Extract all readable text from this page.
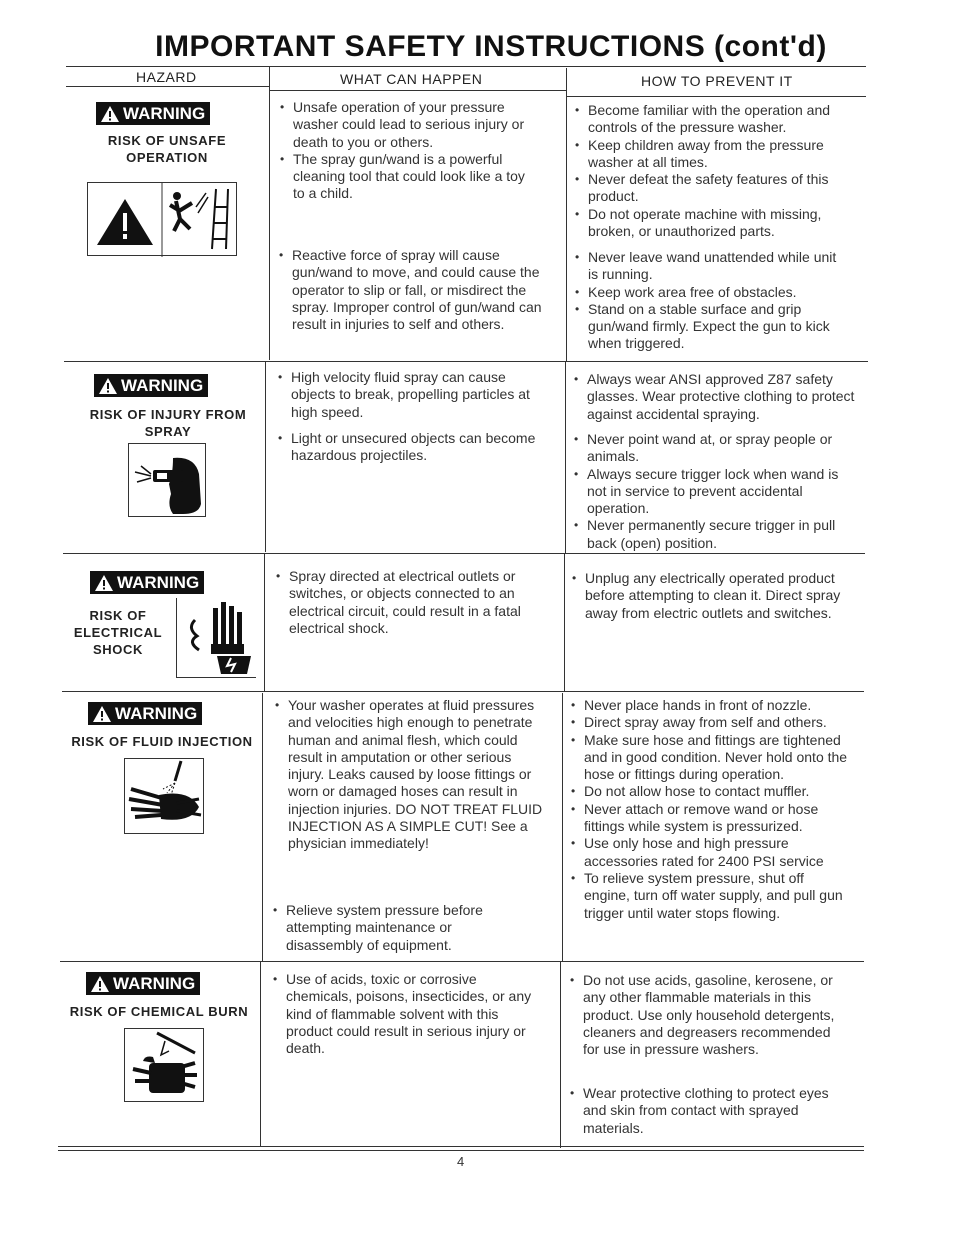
IMPORTANT SAFETY INSTRUCTIONS (cont'd)
HAZARD	WHAT CAN HAPPEN	HOW TO PREVENT IT
WARNING
RISK OF UNSAFE
OPERATION
• Unsafe operation of your pressure washer could lead to serious injury or death to you or others.
• The spray gun/wand is a powerful cleaning tool that could look like a toy to a child.
• Reactive force of spray will cause gun/wand to move, and could cause the operator to slip or fall, or misdirect the spray. Improper control of gun/wand can result in injuries to self and others.
• Become familiar with the operation and controls of the pressure washer.
• Keep children away from the pressure washer at all times.
• Never defeat the safety features of this product.
• Do not operate machine with missing, broken, or unauthorized parts.
• Never leave wand unattended while unit is running.
• Keep work area free of obstacles.
• Stand on a stable surface and grip gun/wand firmly. Expect the gun to kick when triggered.
WARNING
RISK OF INJURY FROM
SPRAY
• High velocity fluid spray can cause objects to break, propelling particles at high speed.
• Light or unsecured objects can become hazardous projectiles.
• Always wear ANSI approved Z87 safety glasses. Wear protective clothing to protect against accidental spraying.
• Never point wand at, or spray people or animals.
• Always secure trigger lock when wand is not in service to prevent accidental operation.
• Never permanently secure trigger in pull back (open) position.
WARNING
RISK OF
ELECTRICAL
SHOCK
• Spray directed at electrical outlets or switches, or objects connected to an electrical circuit, could result in a fatal electrical shock.
• Unplug any electrically operated product before attempting to clean it. Direct spray away from electric outlets and switches.
WARNING
RISK OF FLUID INJECTION
• Your washer operates at fluid pressures and velocities high enough to penetrate human and animal flesh, which could result in amputation or other serious injury. Leaks caused by loose fittings or worn or damaged hoses can result in injection injuries. DO NOT TREAT FLUID INJECTION AS A SIMPLE CUT! See a physician immediately!
• Relieve system pressure before attempting maintenance or disassembly of equipment.
• Never place hands in front of nozzle.
• Direct spray away from self and others.
• Make sure hose and fittings are tightened and in good condition. Never hold onto the hose or fittings during operation.
• Do not allow hose to contact muffler.
• Never attach or remove wand or hose fittings while system is pressurized.
• Use only hose and high pressure accessories rated for 2400 PSI service
• To relieve system pressure, shut off engine, turn off water supply, and pull gun trigger until water stops flowing.
WARNING
RISK OF CHEMICAL BURN
• Use of acids, toxic or corrosive chemicals, poisons, insecticides, or any kind of flammable solvent with this product could result in serious injury or death.
• Do not use acids, gasoline, kerosene, or any other flammable materials in this product. Use only household detergents, cleaners and degreasers recommended for use in pressure washers.
• Wear protective clothing to protect eyes and skin from contact with sprayed materials.
4
